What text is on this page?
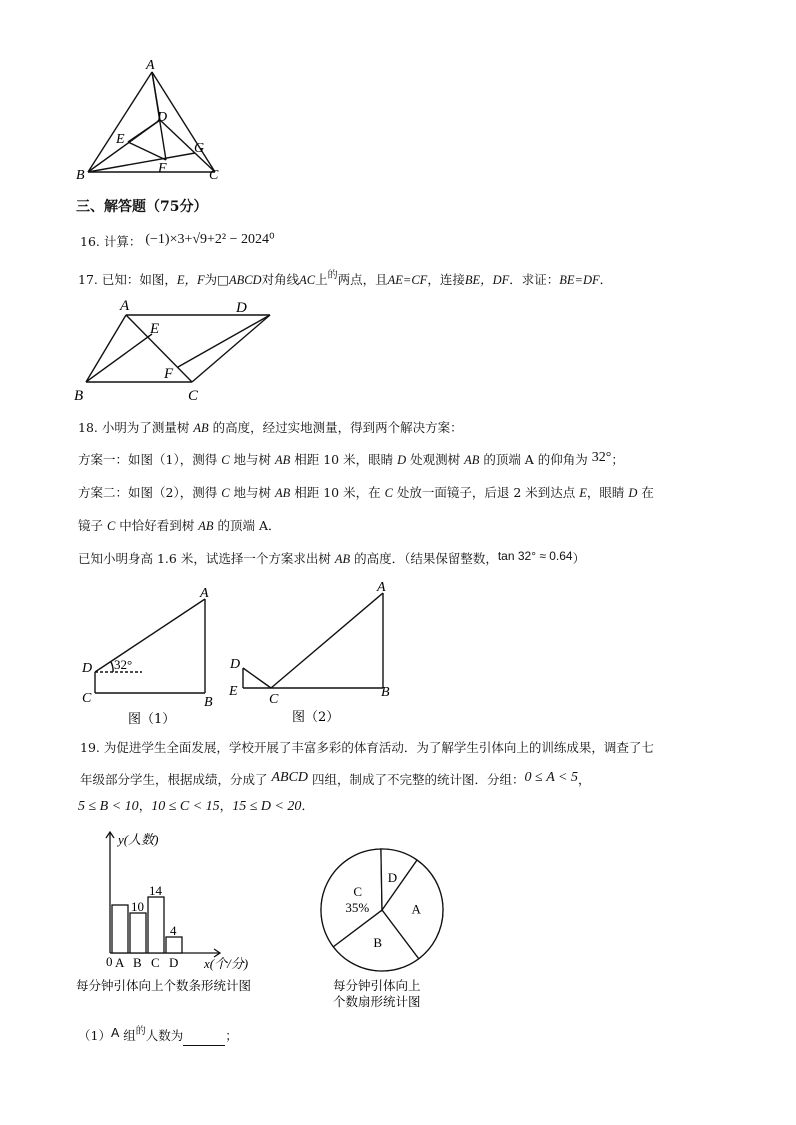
A
D
E
G
B	F	C
三、解答题（75分）
16. 计算： (−1)×3+√9+2² − 2024⁰
17. 已知：如图，E，F为□ABCD对角线AC上$^的$两点，且AE=CF，连接BE，DF．求证：BE=DF．
A	D
E
F
B	C
18. 小明为了测量树 AB 的高度，经过实地测量，得到两个解决方案：
方案一：如图（1），测得 C 地与树 AB 相距 10 米，眼睛 D 处观测树 AB 的顶端 A 的仰角为 32°；
方案二：如图（2），测得 C 地与树 AB 相距 10 米，在 C 处放一面镜子，后退 2 米到达点 E，眼睛 D 在
镜子 C 中恰好看到树 AB 的顶端 A．
已知小明身高 1.6 米，试选择一个方案求出树 AB 的高度．（结果保留整数，tan 32° ≈ 0.64）
A
D
C	B
32°
图（1）
A
D
E
C	B
图（2）
19. 为促进学生全面发展，学校开展了丰富多彩的体育活动．为了解学生引体向上的训练成果，调查了七
年级部分学生，根据成绩，分成了 ABCD 四组，制成了不完整的统计图．分组：0 ≤ A < 5，
5 ≤ B < 10，10 ≤ C < 15，15 ≤ D < 20．
y(人数)
x(个/分)
0 A B
10
C
14
D
4
每分钟引体向上个数条形统计图
A
B
C
35%
D
每分钟引体向上
个数扇形统计图
（1）A 组$^的$人数为	；
